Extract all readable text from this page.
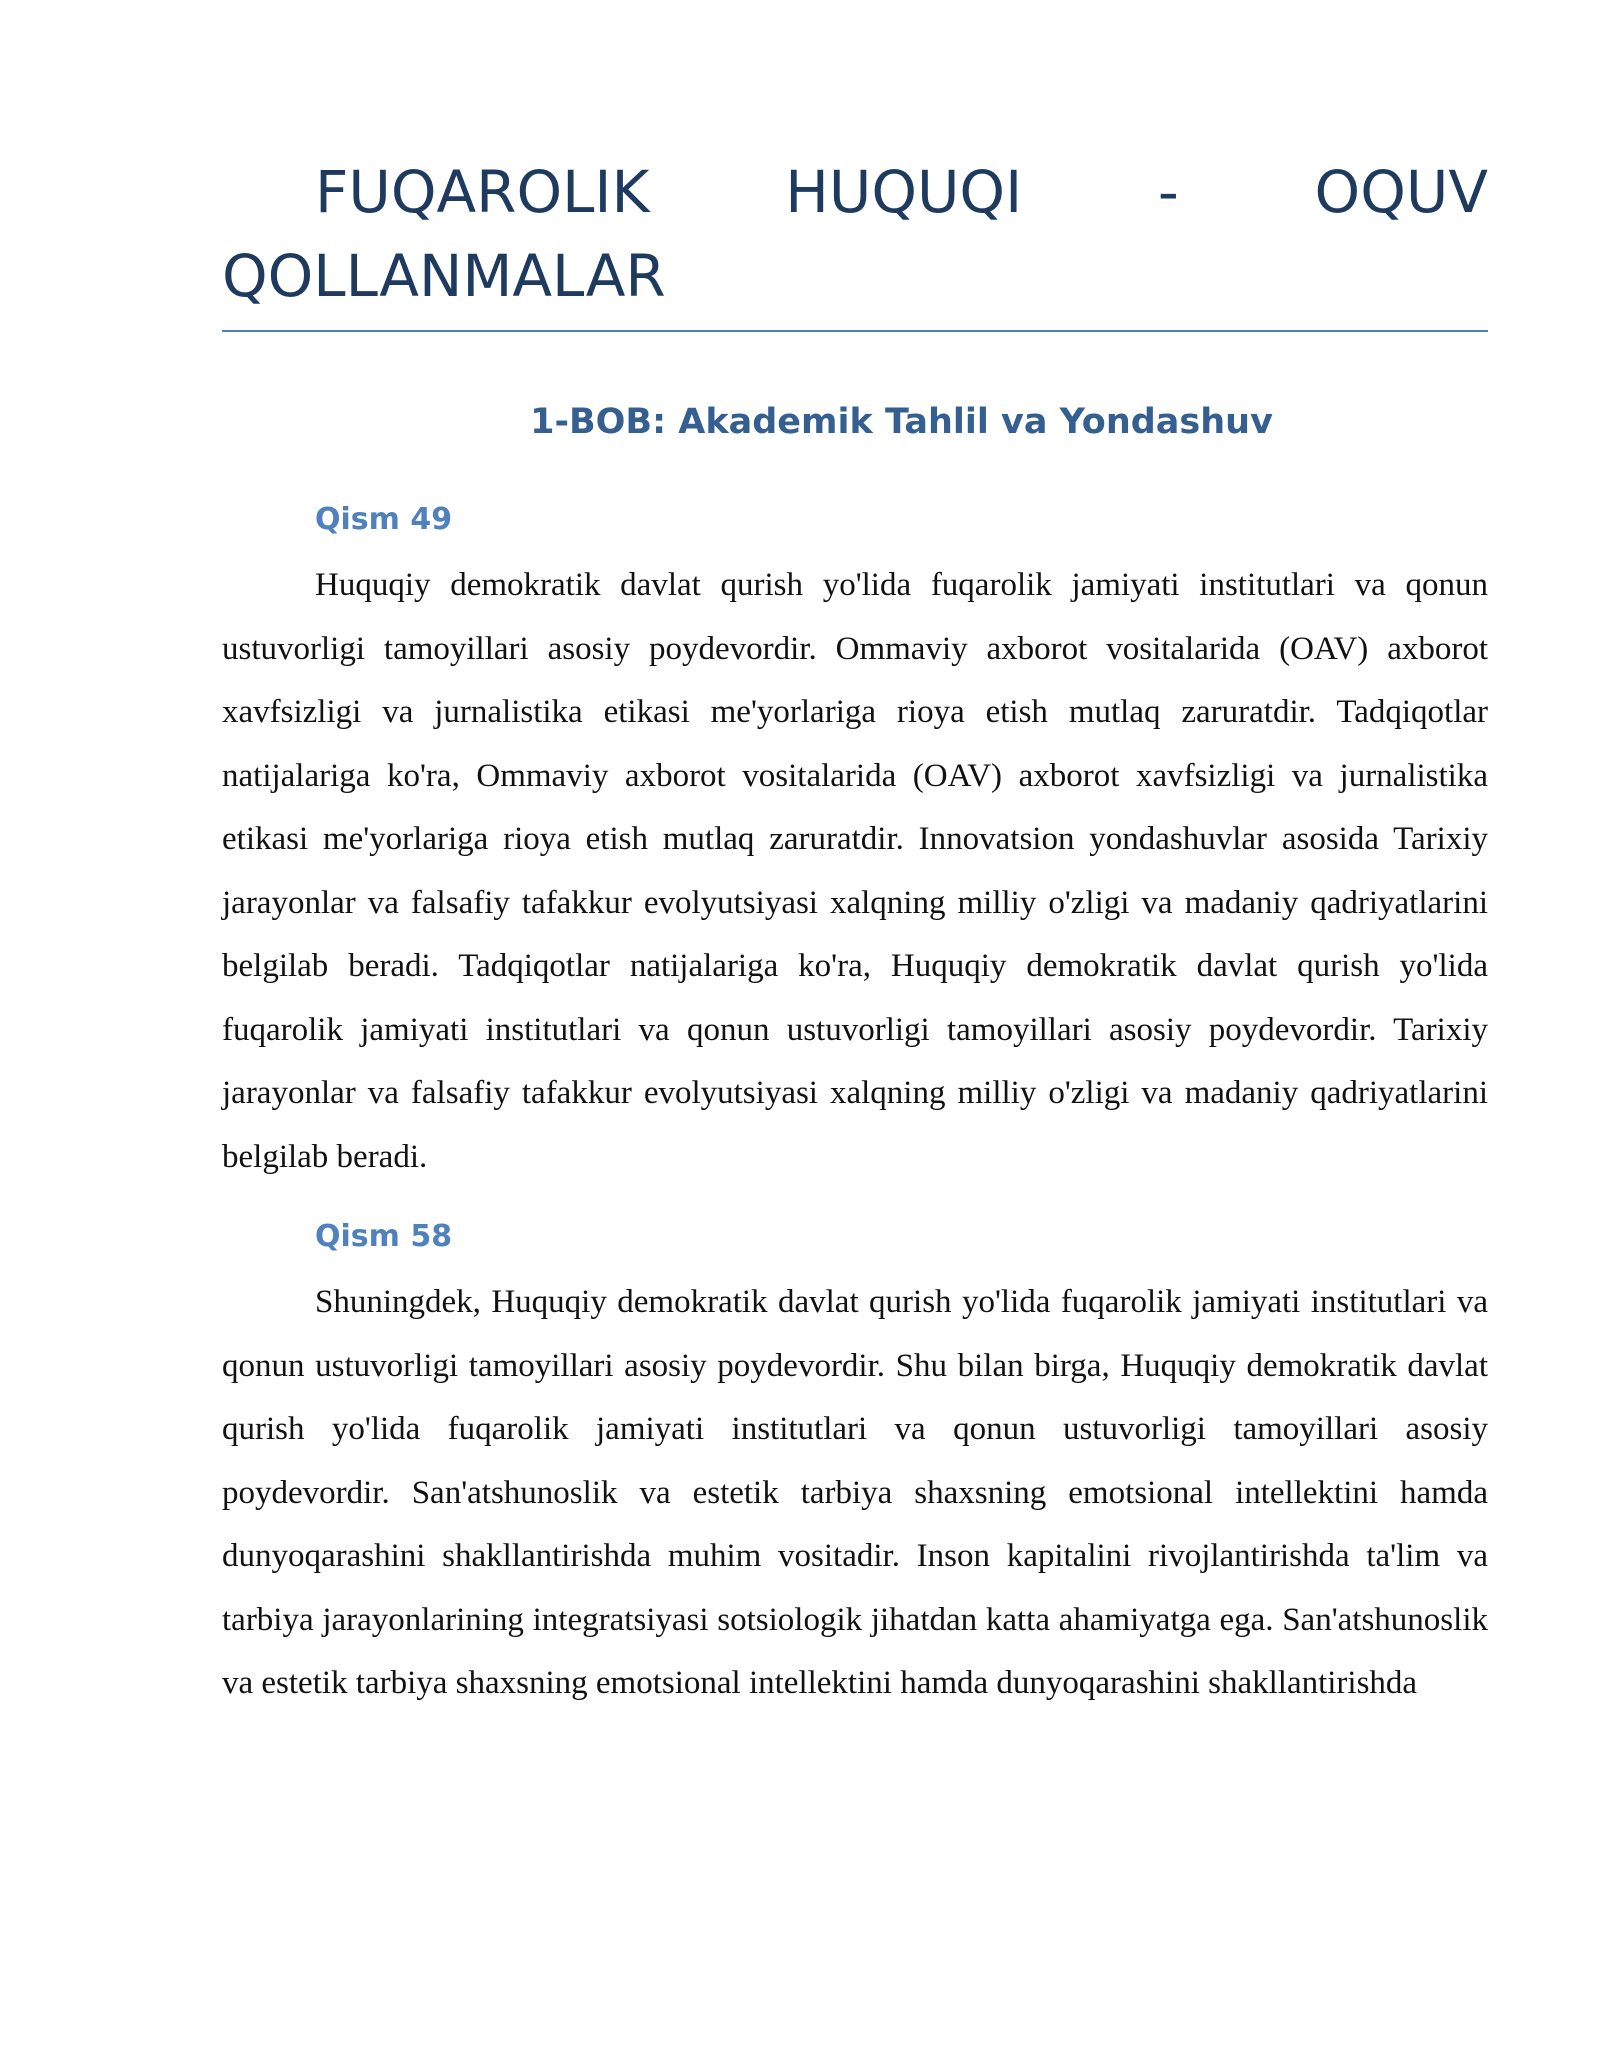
FUQAROLIK HUQUQI - OQUV QOLLANMALAR
1-BOB: Akademik Tahlil va Yondashuv
Qism 49

Huquqiy demokratik davlat qurish yo'lida fuqarolik jamiyati institutlari va qonun ustuvorligi tamoyillari asosiy poydevordir. Ommaviy axborot vositalarida (OAV) axborot xavfsizligi va jurnalistika etikasi me'yorlariga rioya etish mutlaq zaruratdir. Tadqiqotlar natijalariga ko'ra, Ommaviy axborot vositalarida (OAV) axborot xavfsizligi va jurnalistika etikasi me'yorlariga rioya etish mutlaq zaruratdir. Innovatsion yondashuvlar asosida Tarixiy jarayonlar va falsafiy tafakkur evolyutsiyasi xalqning milliy o'zligi va madaniy qadriyatlarini belgilab beradi. Tadqiqotlar natijalariga ko'ra, Huquqiy demokratik davlat qurish yo'lida fuqarolik jamiyati institutlari va qonun ustuvorligi tamoyillari asosiy poydevordir. Tarixiy jarayonlar va falsafiy tafakkur evolyutsiyasi xalqning milliy o'zligi va madaniy qadriyatlarini belgilab beradi.

Qism 58

Shuningdek, Huquqiy demokratik davlat qurish yo'lida fuqarolik jamiyati institutlari va qonun ustuvorligi tamoyillari asosiy poydevordir. Shu bilan birga, Huquqiy demokratik davlat qurish yo'lida fuqarolik jamiyati institutlari va qonun ustuvorligi tamoyillari asosiy poydevordir. San'atshunoslik va estetik tarbiya shaxsning emotsional intellektini hamda dunyoqarashini shakllantirishda muhim vositadir. Inson kapitalini rivojlantirishda ta'lim va tarbiya jarayonlarining integratsiyasi sotsiologik jihatdan katta ahamiyatga ega. San'atshunoslik va estetik tarbiya shaxsning emotsional intellektini hamda dunyoqarashini shakllantirishda
